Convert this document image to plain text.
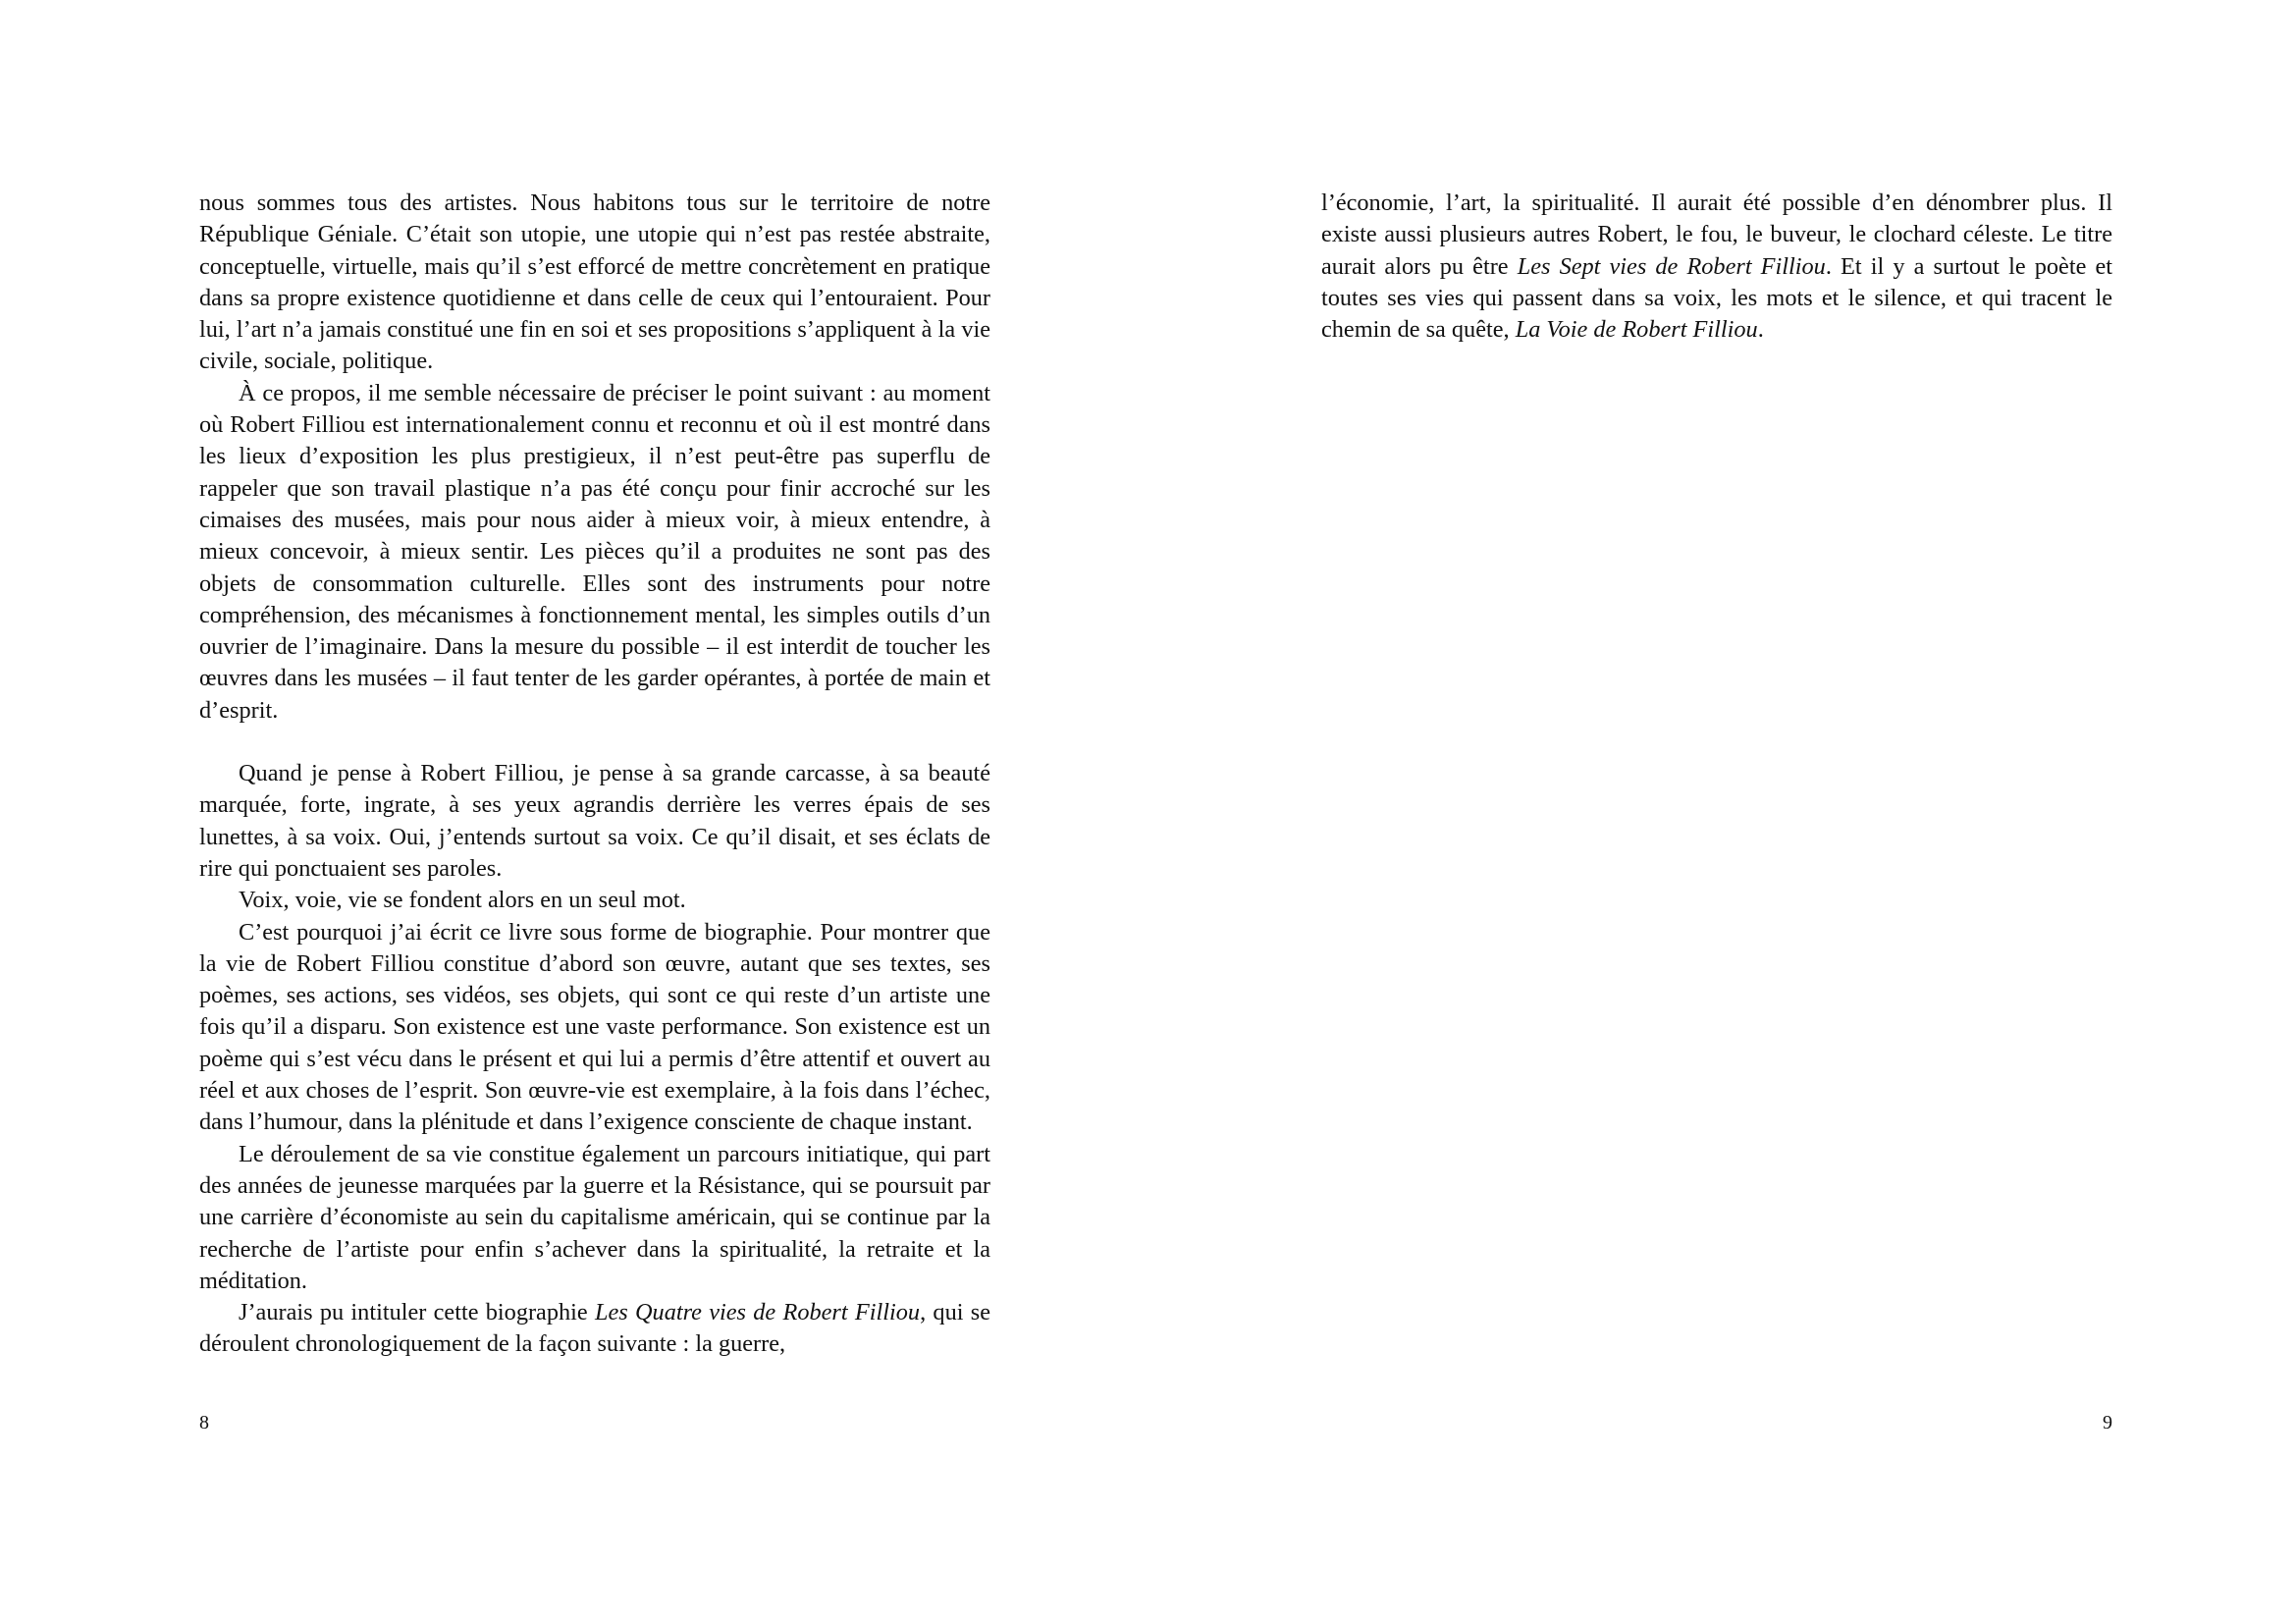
nous sommes tous des artistes. Nous habitons tous sur le territoire de notre République Géniale. C’était son utopie, une utopie qui n’est pas restée abstraite, conceptuelle, virtuelle, mais qu’il s’est efforcé de mettre concrètement en pratique dans sa propre existence quotidienne et dans celle de ceux qui l’entouraient. Pour lui, l’art n’a jamais constitué une fin en soi et ses propositions s’appliquent à la vie civile, sociale, politique.

À ce propos, il me semble nécessaire de préciser le point suivant : au moment où Robert Filliou est internationalement connu et reconnu et où il est montré dans les lieux d’exposition les plus prestigieux, il n’est peut-être pas superflu de rappeler que son travail plastique n’a pas été conçu pour finir accroché sur les cimaises des musées, mais pour nous aider à mieux voir, à mieux entendre, à mieux concevoir, à mieux sentir. Les pièces qu’il a produites ne sont pas des objets de consommation culturelle. Elles sont des instruments pour notre compréhension, des mécanismes à fonctionnement mental, les simples outils d’un ouvrier de l’imaginaire. Dans la mesure du possible – il est interdit de toucher les œuvres dans les musées – il faut tenter de les garder opérantes, à portée de main et d’esprit.

Quand je pense à Robert Filliou, je pense à sa grande carcasse, à sa beauté marquée, forte, ingrate, à ses yeux agrandis derrière les verres épais de ses lunettes, à sa voix. Oui, j’entends surtout sa voix. Ce qu’il disait, et ses éclats de rire qui ponctuaient ses paroles.

Voix, voie, vie se fondent alors en un seul mot.

C’est pourquoi j’ai écrit ce livre sous forme de biographie. Pour montrer que la vie de Robert Filliou constitue d’abord son œuvre, autant que ses textes, ses poèmes, ses actions, ses vidéos, ses objets, qui sont ce qui reste d’un artiste une fois qu’il a disparu. Son existence est une vaste performance. Son existence est un poème qui s’est vécu dans le présent et qui lui a permis d’être attentif et ouvert au réel et aux choses de l’esprit. Son œuvre-vie est exemplaire, à la fois dans l’échec, dans l’humour, dans la plénitude et dans l’exigence consciente de chaque instant.

Le déroulement de sa vie constitue également un parcours initiatique, qui part des années de jeunesse marquées par la guerre et la Résistance, qui se poursuit par une carrière d’économiste au sein du capitalisme américain, qui se continue par la recherche de l’artiste pour enfin s’achever dans la spiritualité, la retraite et la méditation.

J’aurais pu intituler cette biographie Les Quatre vies de Robert Filliou, qui se déroulent chronologiquement de la façon suivante : la guerre,

8

l’économie, l’art, la spiritualité. Il aurait été possible d’en dénombrer plus. Il existe aussi plusieurs autres Robert, le fou, le buveur, le clochard céleste. Le titre aurait alors pu être Les Sept vies de Robert Filliou. Et il y a surtout le poète et toutes ses vies qui passent dans sa voix, les mots et le silence, et qui tracent le chemin de sa quête, La Voie de Robert Filliou.

9
